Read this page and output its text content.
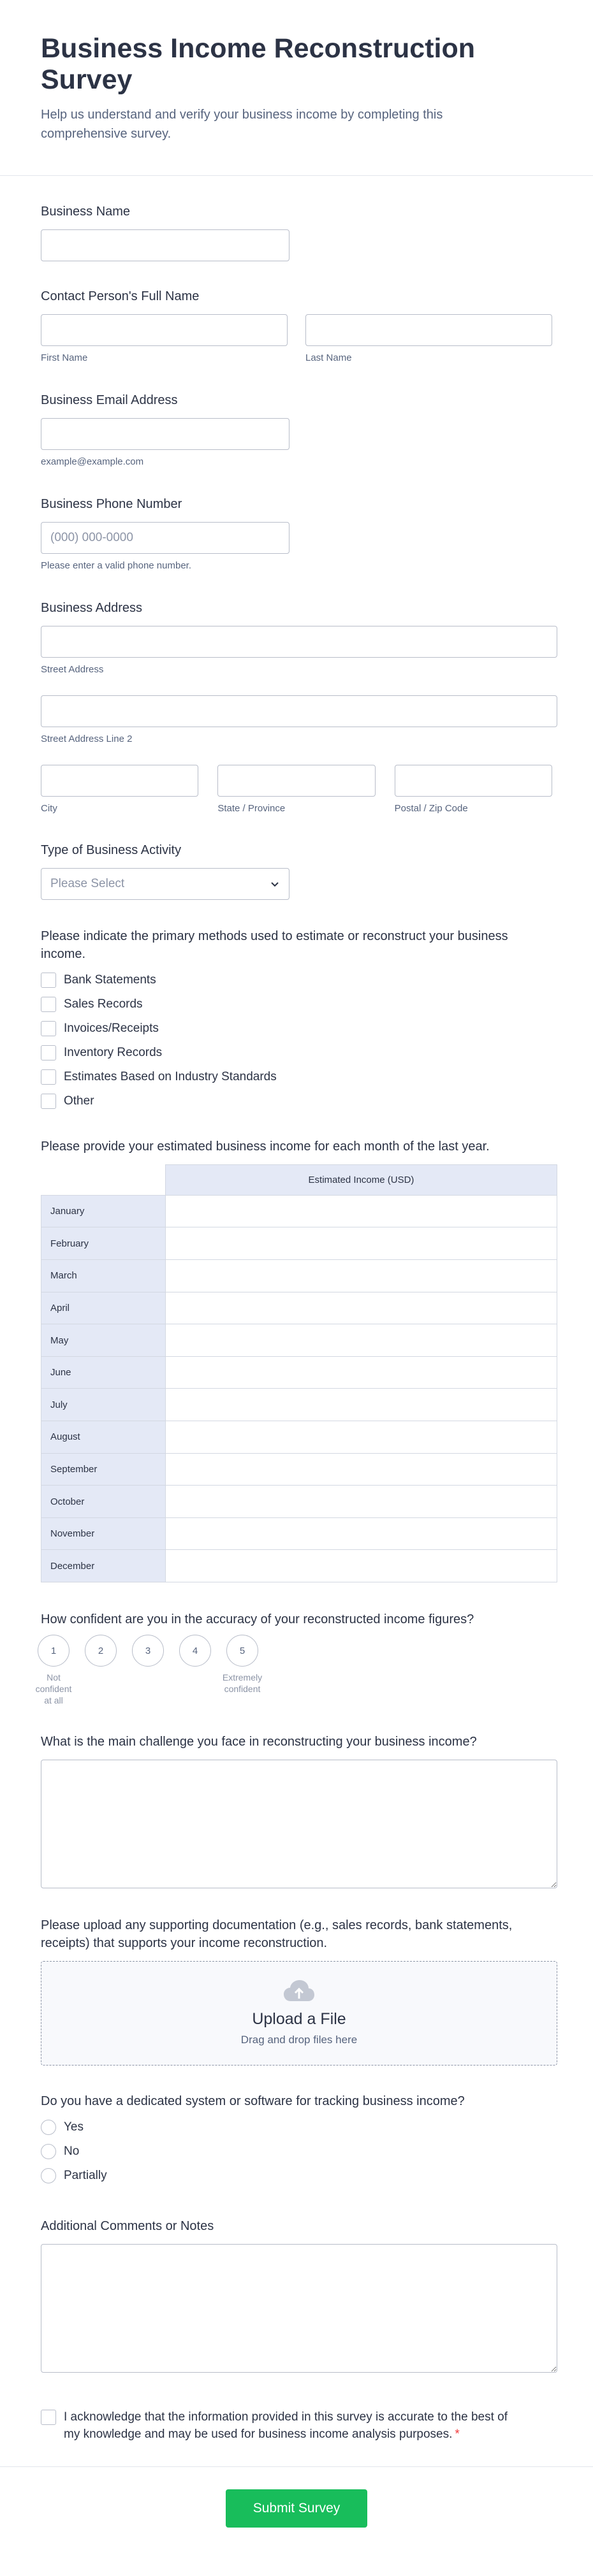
Business Income Reconstruction Survey

Help us understand and verify your business income by completing this comprehensive survey.

Business Name
Contact Person's Full Name
First Name	Last Name
Business Email Address
example@example.com
Business Phone Number
(000) 000-0000
Please enter a valid phone number.
Business Address
Street Address
Street Address Line 2
City	State / Province	Postal / Zip Code
Type of Business Activity
Please Select
Please indicate the primary methods used to estimate or reconstruct your business income.
Bank Statements
Sales Records
Invoices/Receipts
Inventory Records
Estimates Based on Industry Standards
Other
Please provide your estimated business income for each month of the last year.
	Estimated Income (USD)
January	
February	
March	
April	
May	
June	
July	
August	
September	
October	
November	
December	
How confident are you in the accuracy of your reconstructed income figures?
1
Not confident at all
2	3	4	5
Extremely confident
What is the main challenge you face in reconstructing your business income?
Please upload any supporting documentation (e.g., sales records, bank statements, receipts) that supports your income reconstruction.
Upload a File
Drag and drop files here
Do you have a dedicated system or software for tracking business income?
Yes
No
Partially
Additional Comments or Notes
I acknowledge that the information provided in this survey is accurate to the best of my knowledge and may be used for business income analysis purposes. *
Submit Survey
